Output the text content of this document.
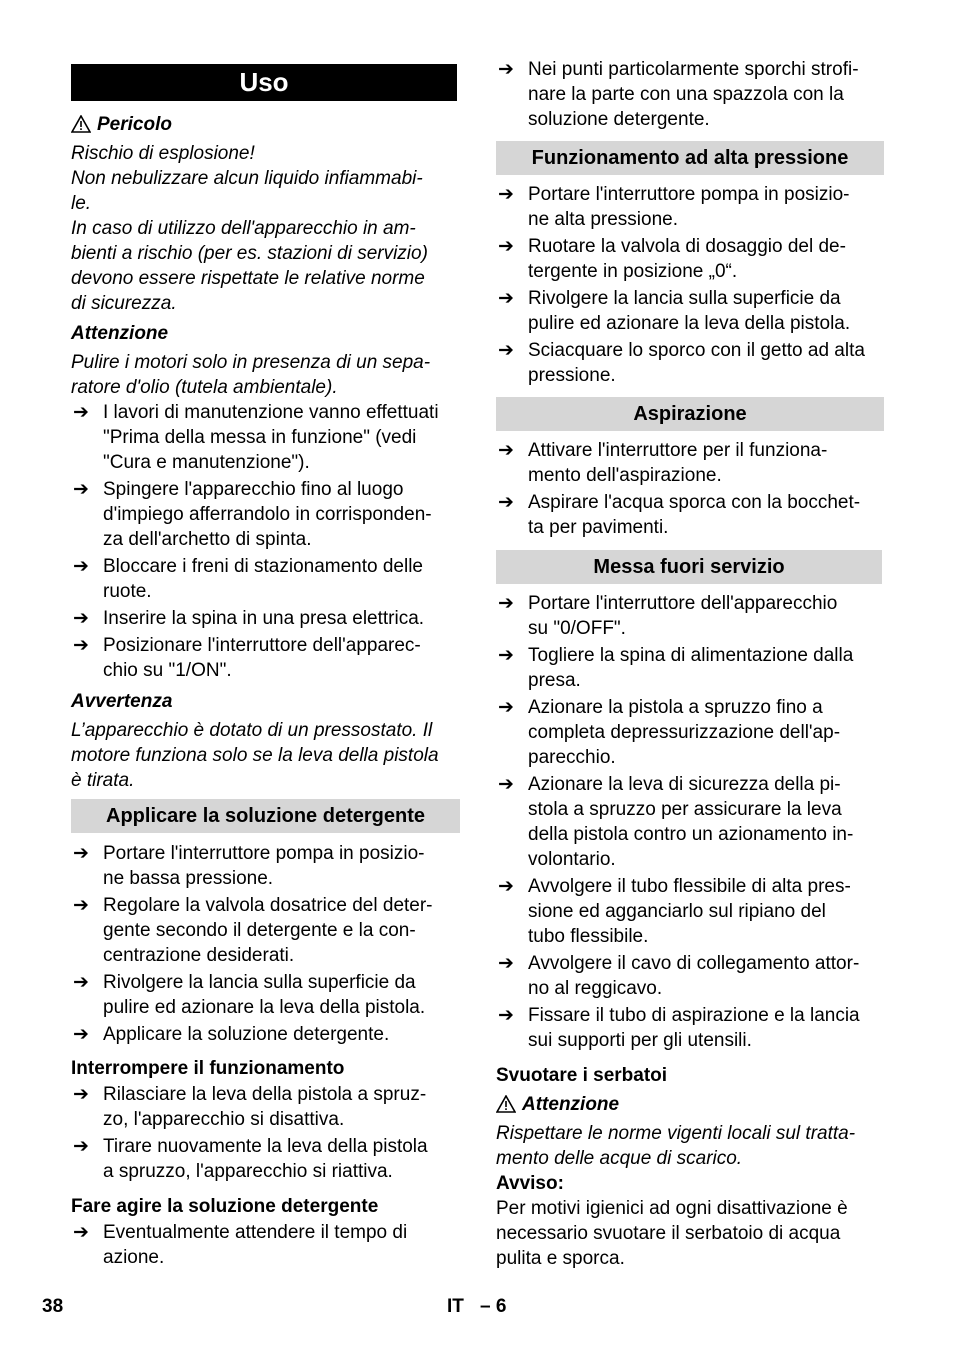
Uso
Pericolo
Rischio di esplosione!
Non nebulizzare alcun liquido infiammabi-
le.
In caso di utilizzo dell'apparecchio in am-
bienti a rischio (per es. stazioni di servizio)
devono essere rispettate le relative norme
di sicurezza.
Attenzione
Pulire i motori solo in presenza di un sepa-
ratore d'olio (tutela ambientale).
➔ I lavori di manutenzione vanno effettuati
"Prima della messa in funzione" (vedi
"Cura e manutenzione").
➔ Spingere l'apparecchio fino al luogo
d'impiego afferrandolo in corrisponden-
za dell'archetto di spinta.
➔ Bloccare i freni di stazionamento delle
ruote.
➔ Inserire la spina in una presa elettrica.
➔ Posizionare l'interruttore dell'apparec-
chio su "1/ON".
Avvertenza
L’apparecchio è dotato di un pressostato. Il
motore funziona solo se la leva della pistola
è tirata.
Applicare la soluzione detergente
➔ Portare l'interruttore pompa in posizio-
ne bassa pressione.
➔ Regolare la valvola dosatrice del deter-
gente secondo il detergente e la con-
centrazione desiderati.
➔ Rivolgere la lancia sulla superficie da
pulire ed azionare la leva della pistola.
➔ Applicare la soluzione detergente.
Interrompere il funzionamento
➔ Rilasciare la leva della pistola a spruz-
zo, l'apparecchio si disattiva.
➔ Tirare nuovamente la leva della pistola
a spruzzo, l'apparecchio si riattiva.
Fare agire la soluzione detergente
➔ Eventualmente attendere il tempo di
azione.
➔ Nei punti particolarmente sporchi strofi-
nare la parte con una spazzola con la
soluzione detergente.
Funzionamento ad alta pressione
➔ Portare l'interruttore pompa in posizio-
ne alta pressione.
➔ Ruotare la valvola di dosaggio del de-
tergente in posizione „0“.
➔ Rivolgere la lancia sulla superficie da
pulire ed azionare la leva della pistola.
➔ Sciacquare lo sporco con il getto ad alta
pressione.
Aspirazione
➔ Attivare l'interruttore per il funziona-
mento dell'aspirazione.
➔ Aspirare l'acqua sporca con la bocchet-
ta per pavimenti.
Messa fuori servizio
➔ Portare l'interruttore dell'apparecchio
su "0/OFF".
➔ Togliere la spina di alimentazione dalla
presa.
➔ Azionare la pistola a spruzzo fino a
completa depressurizzazione dell'ap-
parecchio.
➔ Azionare la leva di sicurezza della pi-
stola a spruzzo per assicurare la leva
della pistola contro un azionamento in-
volontario.
➔ Avvolgere il tubo flessibile di alta pres-
sione ed agganciarlo sul ripiano del
tubo flessibile.
➔ Avvolgere il cavo di collegamento attor-
no al reggicavo.
➔ Fissare il tubo di aspirazione e la lancia
sui supporti per gli utensili.
Svuotare i serbatoi
Attenzione
Rispettare le norme vigenti locali sul tratta-
mento delle acque di scarico.
Avviso:
Per motivi igienici ad ogni disattivazione è
necessario svuotare il serbatoio di acqua
pulita e sporca.
38	IT – 6
